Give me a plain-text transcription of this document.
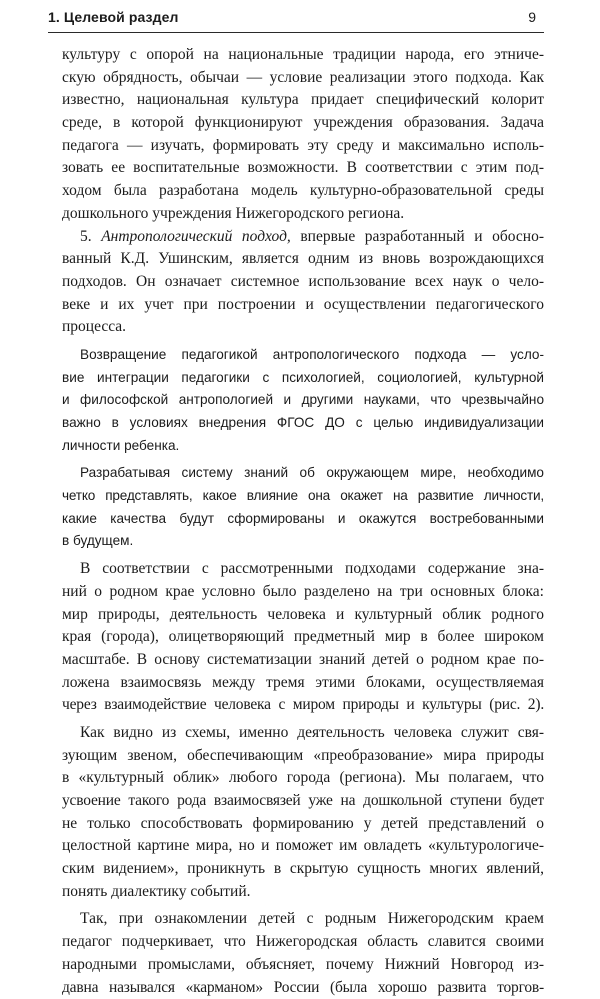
1. Целевой раздел	9
культуру с опорой на национальные традиции народа, его этниче-
скую обрядность, обычаи — условие реализации этого подхода. Как
известно, национальная культура придает специфический колорит
среде, в которой функционируют учреждения образования. Задача
педагога — изучать, формировать эту среду и максимально исполь-
зовать ее воспитательные возможности. В соответствии с этим под-
ходом была разработана модель культурно-образовательной среды
дошкольного учреждения Нижегородского региона.
5. Антропологический подход, впервые разработанный и обосно-
ванный К.Д. Ушинским, является одним из вновь возрождающихся
подходов. Он означает системное использование всех наук о чело-
веке и их учет при построении и осуществлении педагогического
процесса.
Возвращение педагогикой антропологического подхода — усло-
вие интеграции педагогики с психологией, социологией, культурной
и философской антропологией и другими науками, что чрезвычайно
важно в условиях внедрения ФГОС ДО с целью индивидуализации
личности ребенка.
Разрабатывая систему знаний об окружающем мире, необходимо
четко представлять, какое влияние она окажет на развитие личности,
какие качества будут сформированы и окажутся востребованными
в будущем.
В соответствии с рассмотренными подходами содержание зна-
ний о родном крае условно было разделено на три основных блока:
мир природы, деятельность человека и культурный облик родного
края (города), олицетворяющий предметный мир в более широком
масштабе. В основу систематизации знаний детей о родном крае по-
ложена взаимосвязь между тремя этими блоками, осуществляемая
через взаимодействие человека с миром природы и культуры (рис. 2).
Как видно из схемы, именно деятельность человека служит свя-
зующим звеном, обеспечивающим «преобразование» мира природы
в «культурный облик» любого города (региона). Мы полагаем, что
усвоение такого рода взаимосвязей уже на дошкольной ступени будет
не только способствовать формированию у детей представлений о
целостной картине мира, но и поможет им овладеть «культурологиче-
ским видением», проникнуть в скрытую сущность многих явлений,
понять диалектику событий.
Так, при ознакомлении детей с родным Нижегородским краем
педагог подчеркивает, что Нижегородская область славится своими
народными промыслами, объясняет, почему Нижний Новгород из-
давна назывался «карманом» России (была хорошо развита торгов-
